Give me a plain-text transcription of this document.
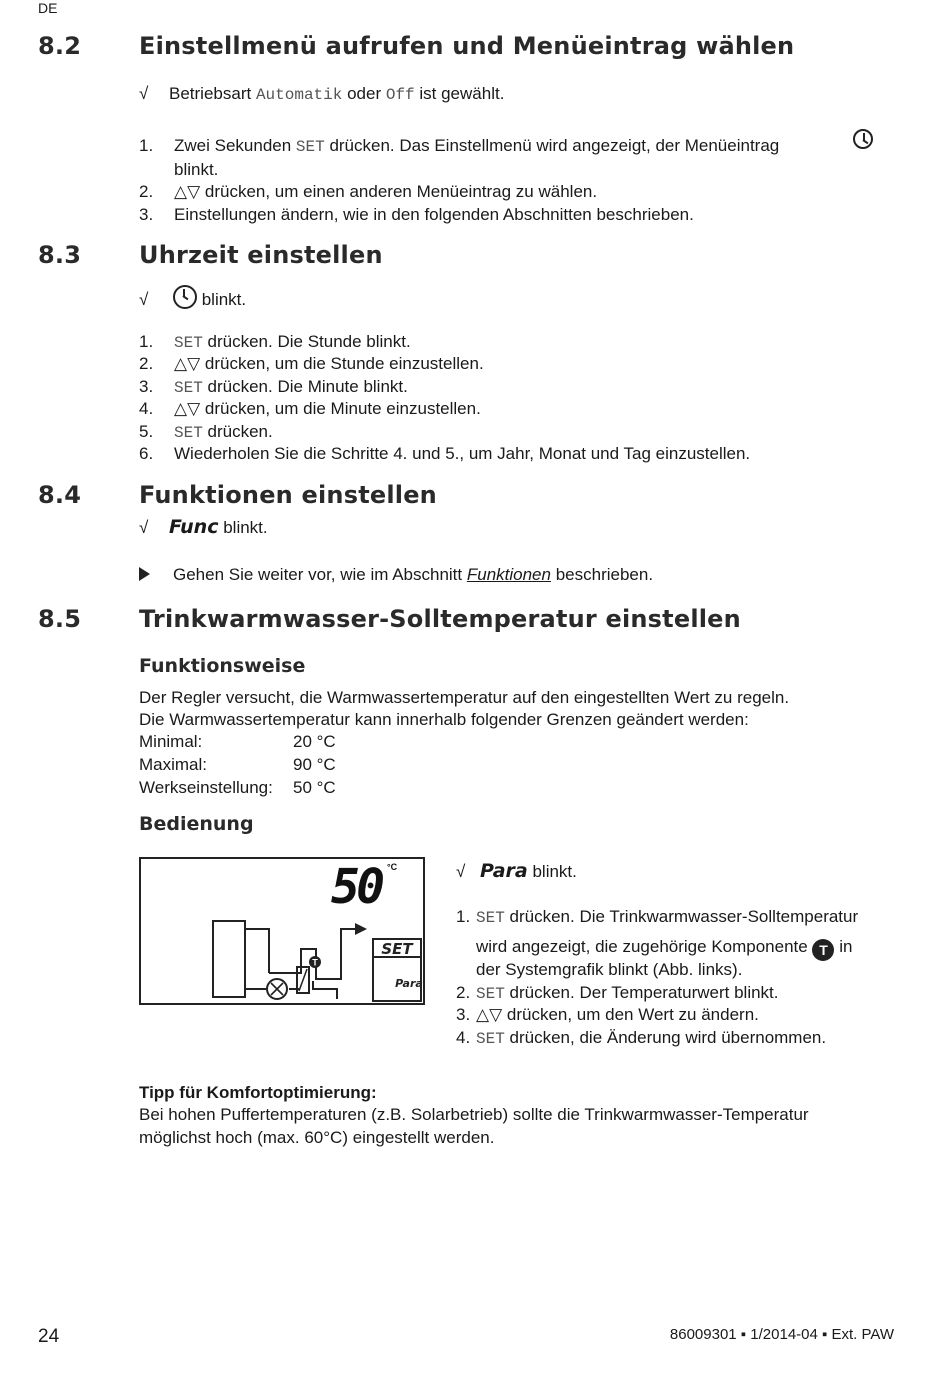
DE
8.2 Einstellmenü aufrufen und Menüeintrag wählen
√ Betriebsart Automatik oder Off ist gewählt.
1. Zwei Sekunden SET drücken. Das Einstellmenü wird angezeigt, der Menüeintrag
blinkt.
2. △▽ drücken, um einen anderen Menüeintrag zu wählen.
3. Einstellungen ändern, wie in den folgenden Abschnitten beschrieben.
8.3 Uhrzeit einstellen
√	blinkt.
1. SET drücken. Die Stunde blinkt.
2. △▽ drücken, um die Stunde einzustellen.
3. SET drücken. Die Minute blinkt.
4. △▽ drücken, um die Minute einzustellen.
5. SET drücken.
6. Wiederholen Sie die Schritte 4. und 5., um Jahr, Monat und Tag einzustellen.
8.4 Funktionen einstellen
√ Func blinkt.
Gehen Sie weiter vor, wie im Abschnitt Funktionen beschrieben.
8.5 Trinkwarmwasser-Solltemperatur einstellen
Funktionsweise
Der Regler versucht, die Warmwassertemperatur auf den eingestellten Wert zu regeln.
Die Warmwassertemperatur kann innerhalb folgender Grenzen geändert werden:
Minimal:	20 °C
Maximal:	90 °C
Werkseinstellung: 50 °C
Bedienung
T
SET
Para
50 °C	√ Para blinkt.
1. SET drücken. Die Trinkwarmwasser-Solltemperatur
wird angezeigt, die zugehörige Komponente T in
der Systemgrafik blinkt (Abb. links).
2. SET drücken. Der Temperaturwert blinkt.
3. △▽ drücken, um den Wert zu ändern.
4. SET drücken, die Änderung wird übernommen.
Tipp für Komfortoptimierung:
Bei hohen Puffertemperaturen (z.B. Solarbetrieb) sollte die Trinkwarmwasser-Temperatur
möglichst hoch (max. 60°C) eingestellt werden.
24	86009301 ▪ 1/2014-04 ▪ Ext. PAW
